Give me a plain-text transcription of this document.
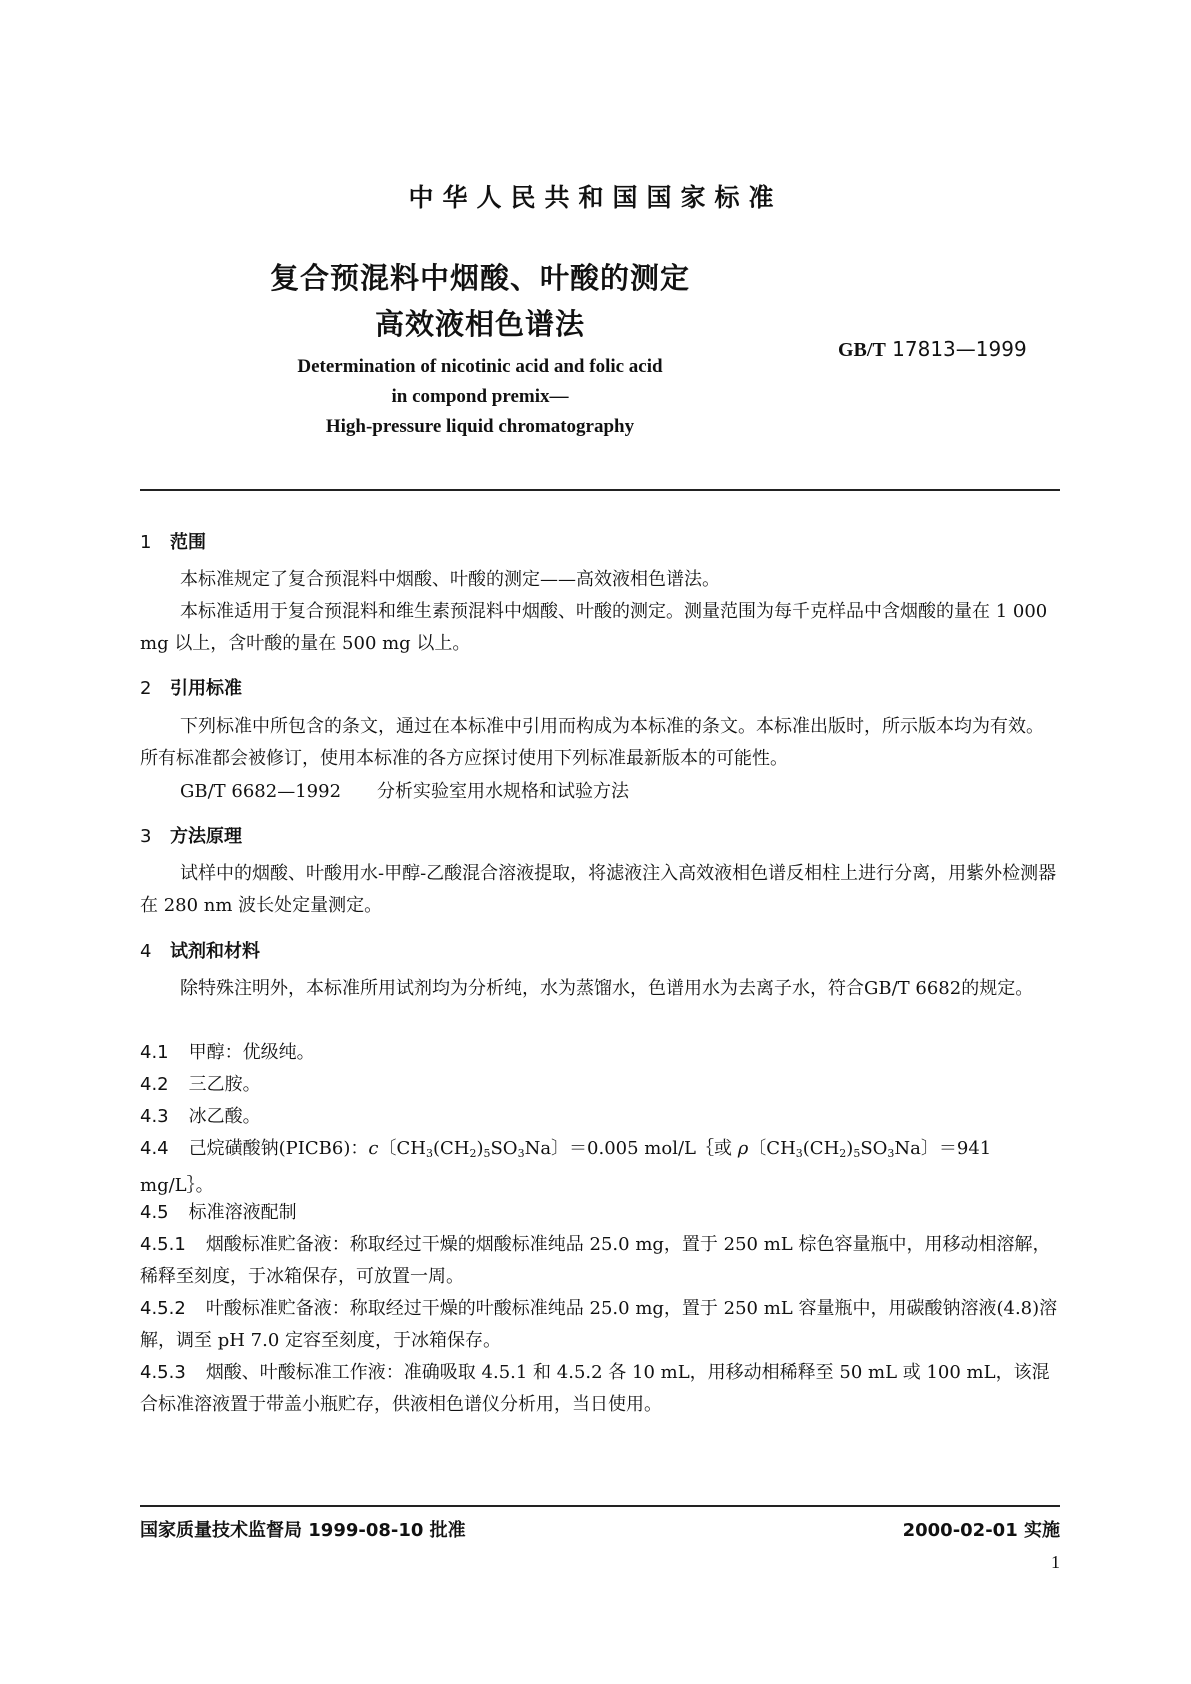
中华人民共和国国家标准
复合预混料中烟酸、叶酸的测定
高效液相色谱法
GB/T 17813—1999
Determination of nicotinic acid and folic acid
in compond premix—
High-pressure liquid chromatography
1 范围
本标准规定了复合预混料中烟酸、叶酸的测定——高效液相色谱法。
本标准适用于复合预混料和维生素预混料中烟酸、叶酸的测定。测量范围为每千克样品中含烟酸的量在 1 000 mg 以上，含叶酸的量在 500 mg 以上。
2 引用标准
下列标准中所包含的条文，通过在本标准中引用而构成为本标准的条文。本标准出版时，所示版本均为有效。所有标准都会被修订，使用本标准的各方应探讨使用下列标准最新版本的可能性。
GB/T 6682—1992 分析实验室用水规格和试验方法
3 方法原理
试样中的烟酸、叶酸用水-甲醇-乙酸混合溶液提取，将滤液注入高效液相色谱反相柱上进行分离，用紫外检测器在 280 nm 波长处定量测定。
4 试剂和材料
除特殊注明外，本标准所用试剂均为分析纯，水为蒸馏水，色谱用水为去离子水，符合GB/T 6682的规定。
4.1 甲醇：优级纯。
4.2 三乙胺。
4.3 冰乙酸。
4.4 己烷磺酸钠(PICB6)：c〔$CH_3(CH_2)_5SO_3Na$〕＝0.005 mol/L｛或 ρ〔$CH_3(CH_2)_5SO_3Na$〕＝941 mg/L｝。
4.5 标准溶液配制
4.5.1 烟酸标准贮备液：称取经过干燥的烟酸标准纯品 25.0 mg，置于 250 mL 棕色容量瓶中，用移动相溶解，稀释至刻度，于冰箱保存，可放置一周。
4.5.2 叶酸标准贮备液：称取经过干燥的叶酸标准纯品 25.0 mg，置于 250 mL 容量瓶中，用碳酸钠溶液(4.8)溶解，调至 pH 7.0 定容至刻度，于冰箱保存。
4.5.3 烟酸、叶酸标准工作液：准确吸取 4.5.1 和 4.5.2 各 10 mL，用移动相稀释至 50 mL 或 100 mL，该混合标准溶液置于带盖小瓶贮存，供液相色谱仪分析用，当日使用。
国家质量技术监督局 1999-08-10 批准	2000-02-01 实施
1
